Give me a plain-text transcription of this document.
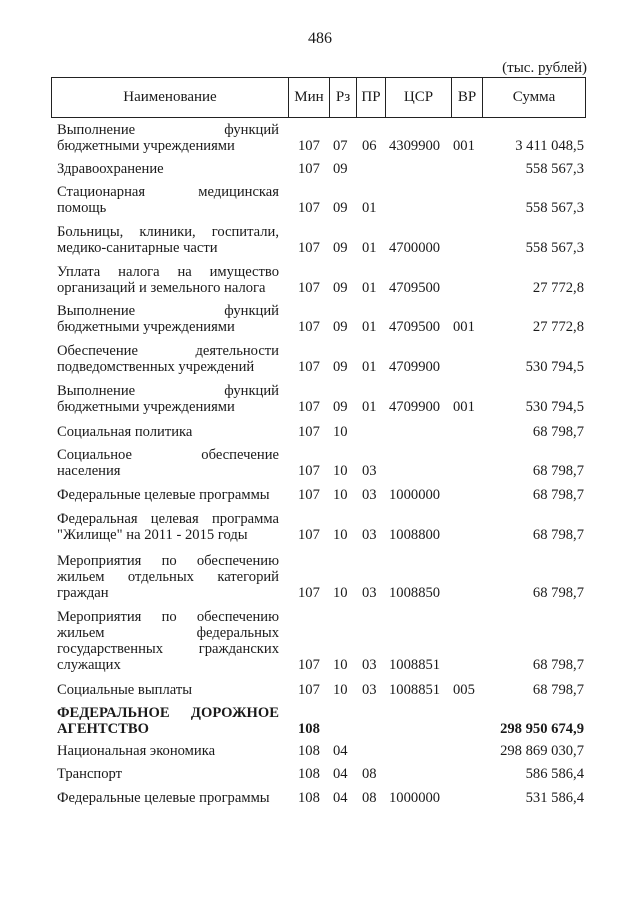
486
(тыс. рублей)
Наименование	Мин Рз ПР	ЦСР	ВР	Сумма
Выполнение функций бюджетными учреждениями	107 07 06 4309900 001	3 411 048,5
Здравоохранение	107 09	558 567,3
Стационарная медицинская помощь	107 09 01	558 567,3
Больницы, клиники, госпитали, медико-санитарные части	107 09 01 4700000	558 567,3
Уплата налога на имущество организаций и земельного налога	107 09 01 4709500	27 772,8
Выполнение функций бюджетными учреждениями	107 09 01 4709500 001	27 772,8
Обеспечение деятельности подведомственных учреждений	107 09 01 4709900	530 794,5
Выполнение функций бюджетными учреждениями	107 09 01 4709900 001	530 794,5
Социальная политика	107 10	68 798,7
Социальное обеспечение населения	107 10 03	68 798,7
Федеральные целевые программы	107 10 03 1000000	68 798,7
Федеральная целевая программа "Жилище" на 2011 - 2015 годы	107 10 03 1008800	68 798,7
Мероприятия по обеспечению жильем отдельных категорий граждан	107 10 03 1008850	68 798,7
Мероприятия по обеспечению жильем федеральных государственных гражданских служащих	107 10 03 1008851	68 798,7
Социальные выплаты	107 10 03 1008851 005	68 798,7
ФЕДЕРАЛЬНОЕ ДОРОЖНОЕ АГЕНТСТВО	108	298 950 674,9
Национальная экономика	108 04	298 869 030,7
Транспорт	108 04 08	586 586,4
Федеральные целевые программы	108 04 08 1000000	531 586,4
